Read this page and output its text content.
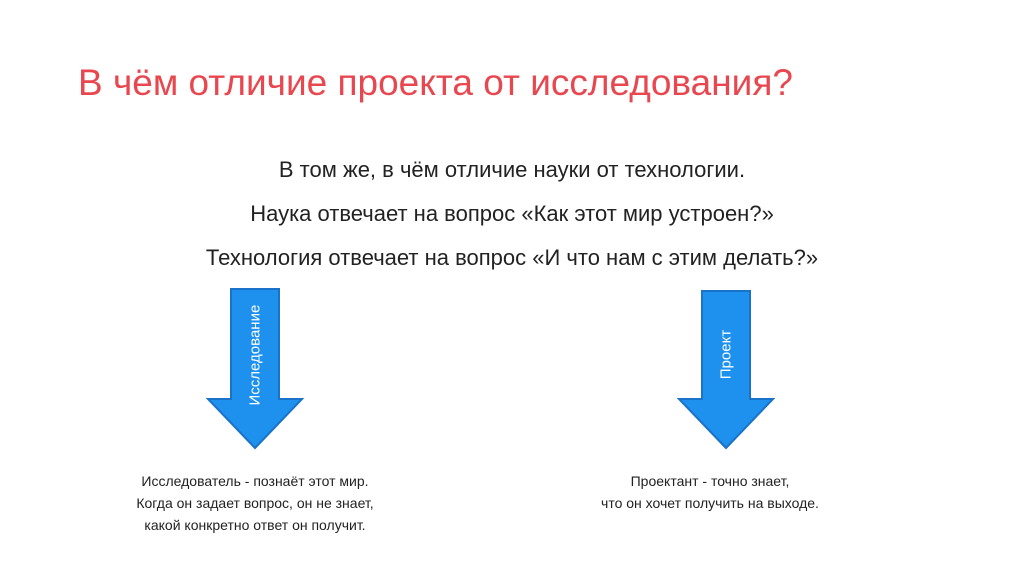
В чём отличие проекта от исследования?
В том же, в чём отличие науки от технологии.
Наука отвечает на вопрос «Как этот мир устроен?»
Технология отвечает на вопрос «И что нам с этим делать?»
Исследование	Проект
Исследователь - познаёт этот мир.
Когда он задает вопрос, он не знает,
какой конкретно ответ он получит.
Проектант - точно знает,
что он хочет получить на выходе.
